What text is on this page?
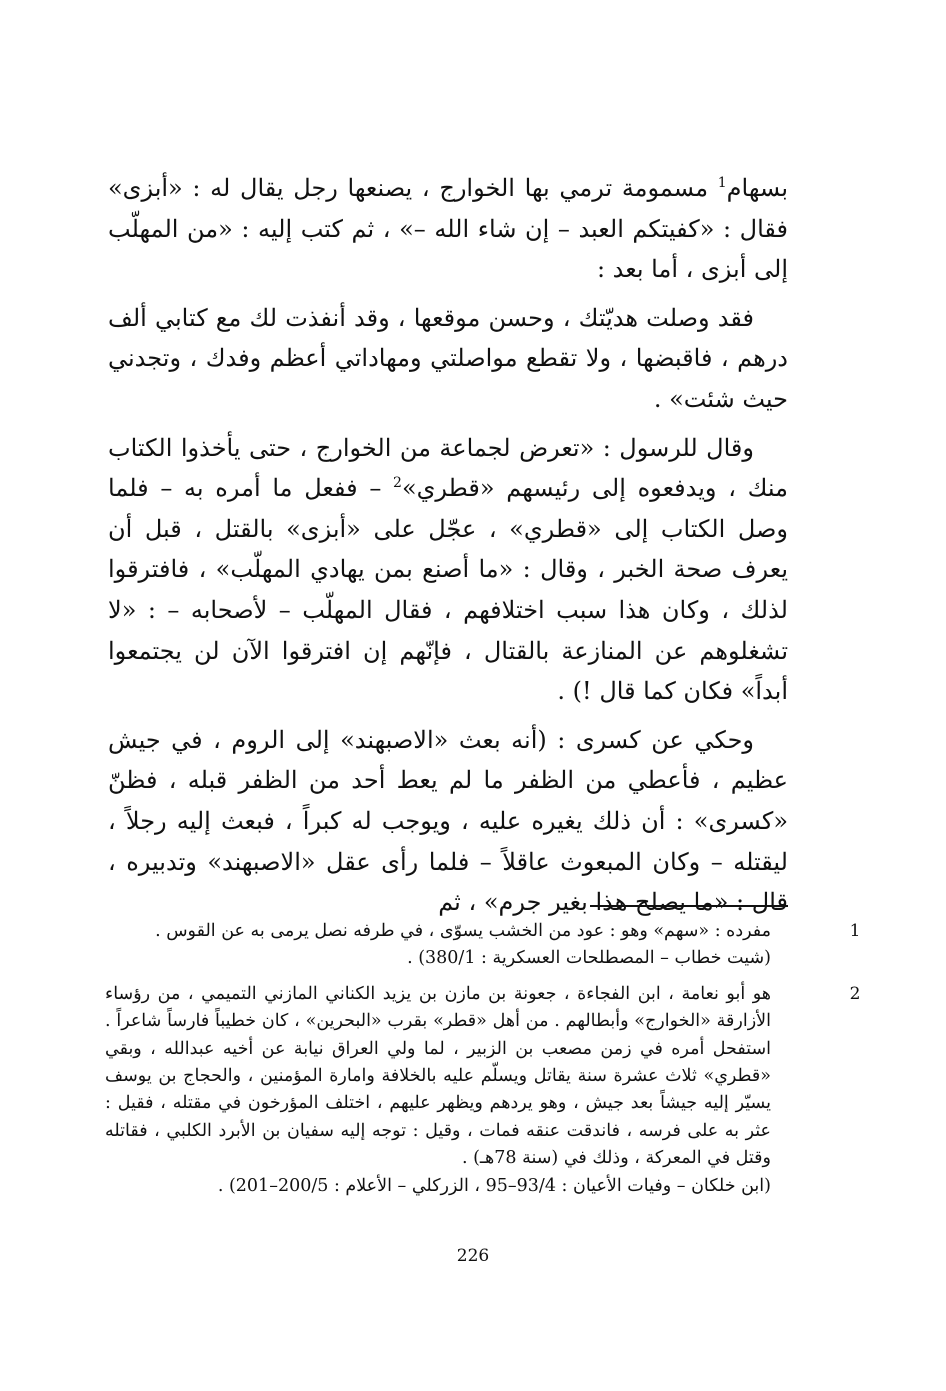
بسهام$^1$ مسمومة ترمي بها الخوارج ، يصنعها رجل يقال له : «أبزى» فقال : «كفيتكم العبد – إن شاء الله –» ، ثم كتب إليه : «من المهلّب إلى أبزى ، أما بعد :

فقد وصلت هديّتك ، وحسن موقعها ، وقد أنفذت لك مع كتابي ألف درهم ، فاقبضها ، ولا تقطع مواصلتي ومهاداتي أعظم وفدك ، وتجدني حيث شئت» .

وقال للرسول : «تعرض لجماعة من الخوارج ، حتى يأخذوا الكتاب منك ، ويدفعوه إلى رئيسهم «قطري»$^2$ – ففعل ما أمره به – فلما وصل الكتاب إلى «قطري» ، عجّل على «أبزى» بالقتل ، قبل أن يعرف صحة الخبر ، وقال : «ما أصنع بمن يهادي المهلّب» ، فافترقوا لذلك ، وكان هذا سبب اختلافهم ، فقال المهلّب – لأصحابه – : «لا تشغلوهم عن المنازعة بالقتال ، فإنّهم إن افترقوا الآن لن يجتمعوا أبداً» فكان كما قال !) .

وحكي عن كسرى : (أنه بعث «الاصبهند» إلى الروم ، في جيش عظيم ، فأعطي من الظفر ما لم يعط أحد من الظفر قبله ، فظنّ «كسرى» : أن ذلك يغيره عليه ، ويوجب له كبراً ، فبعث إليه رجلاً ، ليقتله – وكان المبعوث عاقلاً – فلما رأى عقل «الاصبهند» وتدبيره ، قال : «ما يصلح هذا بغير جرم» ، ثم

1
مفرده : «سهم» وهو : عود من الخشب يسوّى ، في طرفه نصل يرمى به عن القوس .
(شيت خطاب – المصطلحات العسكرية : 380/1) .
2
هو أبو نعامة ، ابن الفجاءة ، جعونة بن مازن بن يزيد الكناني المازني التميمي ، من رؤساء الأزارقة «الخوارج» وأبطالهم . من أهل «قطر» بقرب «البحرين» ، كان خطيباً فارساً شاعراً . استفحل أمره في زمن مصعب بن الزبير ، لما ولي العراق نيابة عن أخيه عبدالله ، وبقي «قطري» ثلاث عشرة سنة يقاتل ويسلّم عليه بالخلافة وامارة المؤمنين ، والحجاج بن يوسف يسيّر إليه جيشاً بعد جيش ، وهو يردهم ويظهر عليهم ، اختلف المؤرخون في مقتله ، فقيل : عثر به على فرسه ، فاندقت عنقه فمات ، وقيل : توجه إليه سفيان بن الأبرد الكلبي ، فقاتله وقتل في المعركة ، وذلك في (سنة 78هـ) .
(ابن خلكان – وفيات الأعيان : 93/4–95 ، الزركلي – الأعلام : 200/5–201) .
226
